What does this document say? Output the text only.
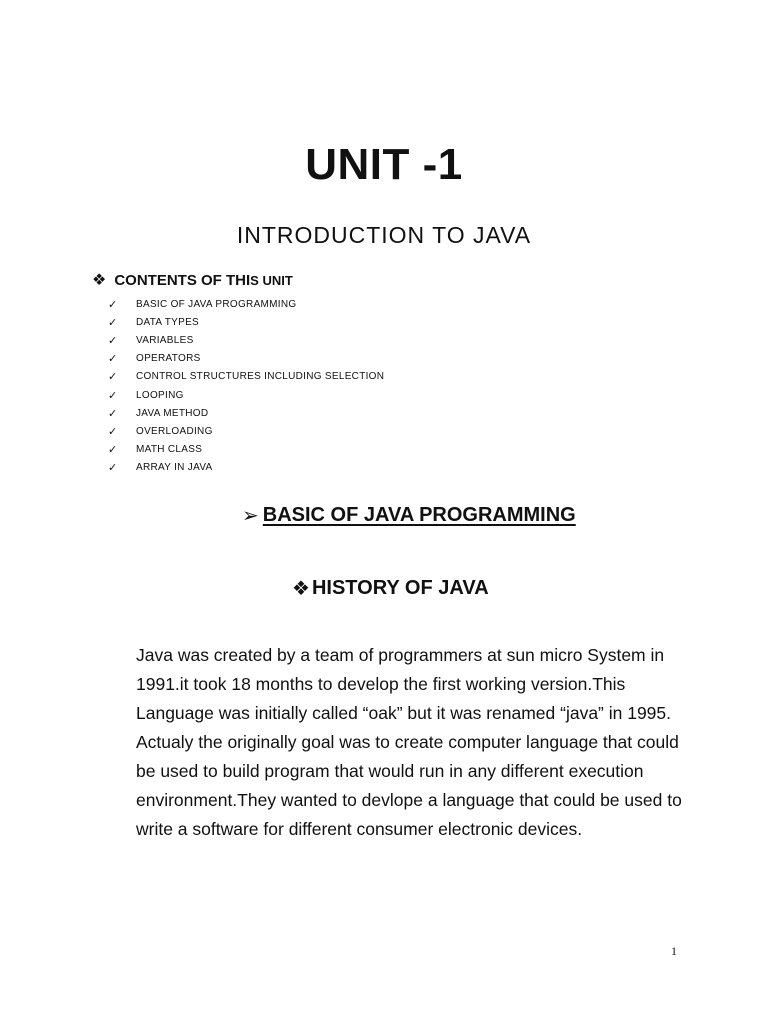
UNIT -1
INTRODUCTION TO JAVA
❖ CONTENTS OF THIS UNIT
✓	BASIC OF JAVA PROGRAMMING
✓	DATA TYPES
✓	VARIABLES
✓	OPERATORS
✓	CONTROL STRUCTURES INCLUDING SELECTION
✓	LOOPING
✓	JAVA METHOD
✓	OVERLOADING
✓	MATH CLASS
✓	ARRAY IN JAVA
➢ BASIC OF JAVA PROGRAMMING
❖ HISTORY OF JAVA

Java was created by a team of programmers at sun micro System in 1991.it took 18 months to develop the first working version.This Language was initially called “oak” but it was renamed “java” in 1995.

Actualy the originally goal was to create computer language that could be used to build program that would run in any different execution environment.They wanted to devlope a language that could be used to write a software for different consumer electronic devices.

1
